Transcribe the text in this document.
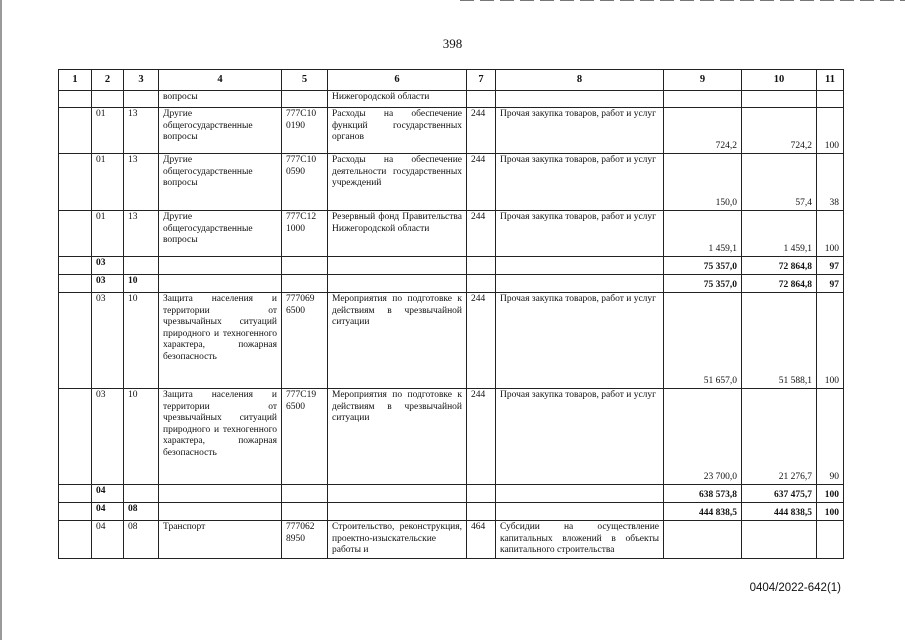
398
1	2	3	4	5	6	7	8	9	10	11
			вопросы		Нижегородской области					
	01	13	Другие общегосударственные вопросы	777С10 0190	Расходы на обеспечение функций государственных органов	244	Прочая закупка товаров, работ и услуг	724,2	724,2	100
	01	13	Другие общегосударственные вопросы	777С10 0590	Расходы на обеспечение деятельности государственных учреждений	244	Прочая закупка товаров, работ и услуг	150,0	57,4	38
	01	13	Другие общегосударственные вопросы	777С12 1000	Резервный фонд Правительства Нижегородской области	244	Прочая закупка товаров, работ и услуг	1 459,1	1 459,1	100
	03							75 357,0	72 864,8	97
	03	10						75 357,0	72 864,8	97
	03	10	Защита населения и территории от чрезвычайных ситуаций природного и техногенного характера, пожарная безопасность	777069 6500	Мероприятия по подготовке к действиям в чрезвычайной ситуации	244	Прочая закупка товаров, работ и услуг	51 657,0	51 588,1	100
	03	10	Защита населения и территории от чрезвычайных ситуаций природного и техногенного характера, пожарная безопасность	777С19 6500	Мероприятия по подготовке к действиям в чрезвычайной ситуации	244	Прочая закупка товаров, работ и услуг	23 700,0	21 276,7	90
	04							638 573,8	637 475,7	100
	04	08						444 838,5	444 838,5	100
	04	08	Транспорт	777062 8950	Строительство, реконструкция, проектно-изыскательские работы и	464	Субсидии на осуществление капитальных вложений в объекты капитального строительства			
0404/2022-642(1)
